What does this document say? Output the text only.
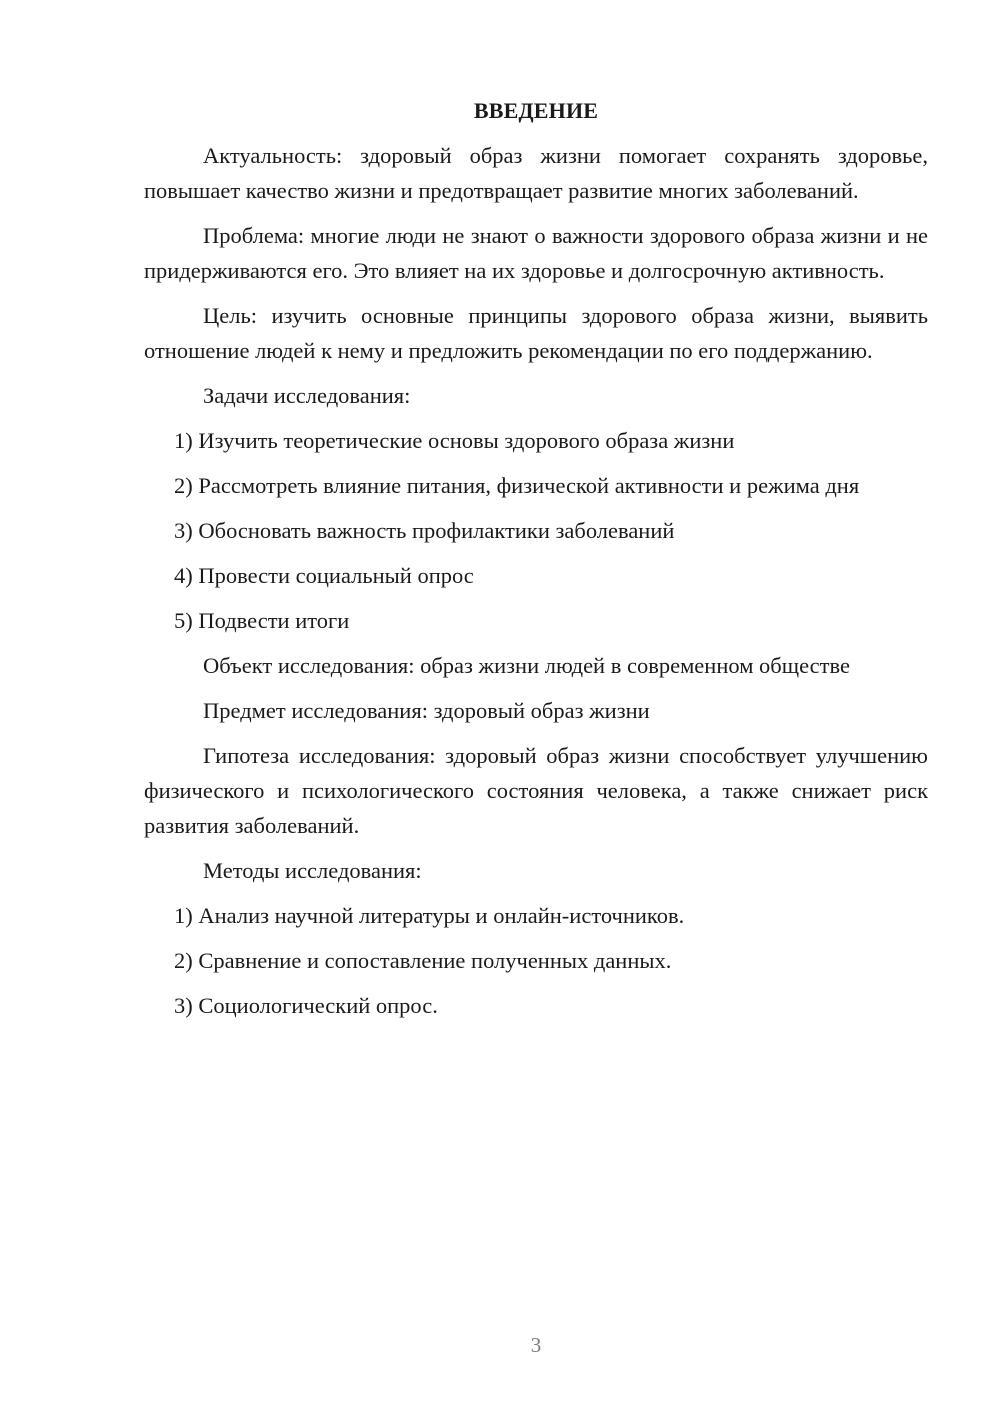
ВВЕДЕНИЕ
Актуальность: здоровый образ жизни помогает сохранять здоровье, повышает качество жизни и предотвращает развитие многих заболеваний.
Проблема: многие люди не знают о важности здорового образа жизни и не придерживаются его. Это влияет на их здоровье и долгосрочную активность.
Цель: изучить основные принципы здорового образа жизни, выявить отношение людей к нему и предложить рекомендации по его поддержанию.
Задачи исследования:
1) Изучить теоретические основы здорового образа жизни
2) Рассмотреть влияние питания, физической активности и режима дня
3) Обосновать важность профилактики заболеваний
4) Провести социальный опрос
5) Подвести итоги
Объект исследования: образ жизни людей в современном обществе
Предмет исследования: здоровый образ жизни
Гипотеза исследования: здоровый образ жизни способствует улучшению физического и психологического состояния человека, а также снижает риск развития заболеваний.
Методы исследования:
1) Анализ научной литературы и онлайн-источников.
2) Сравнение и сопоставление полученных данных.
3) Социологический опрос.
3
